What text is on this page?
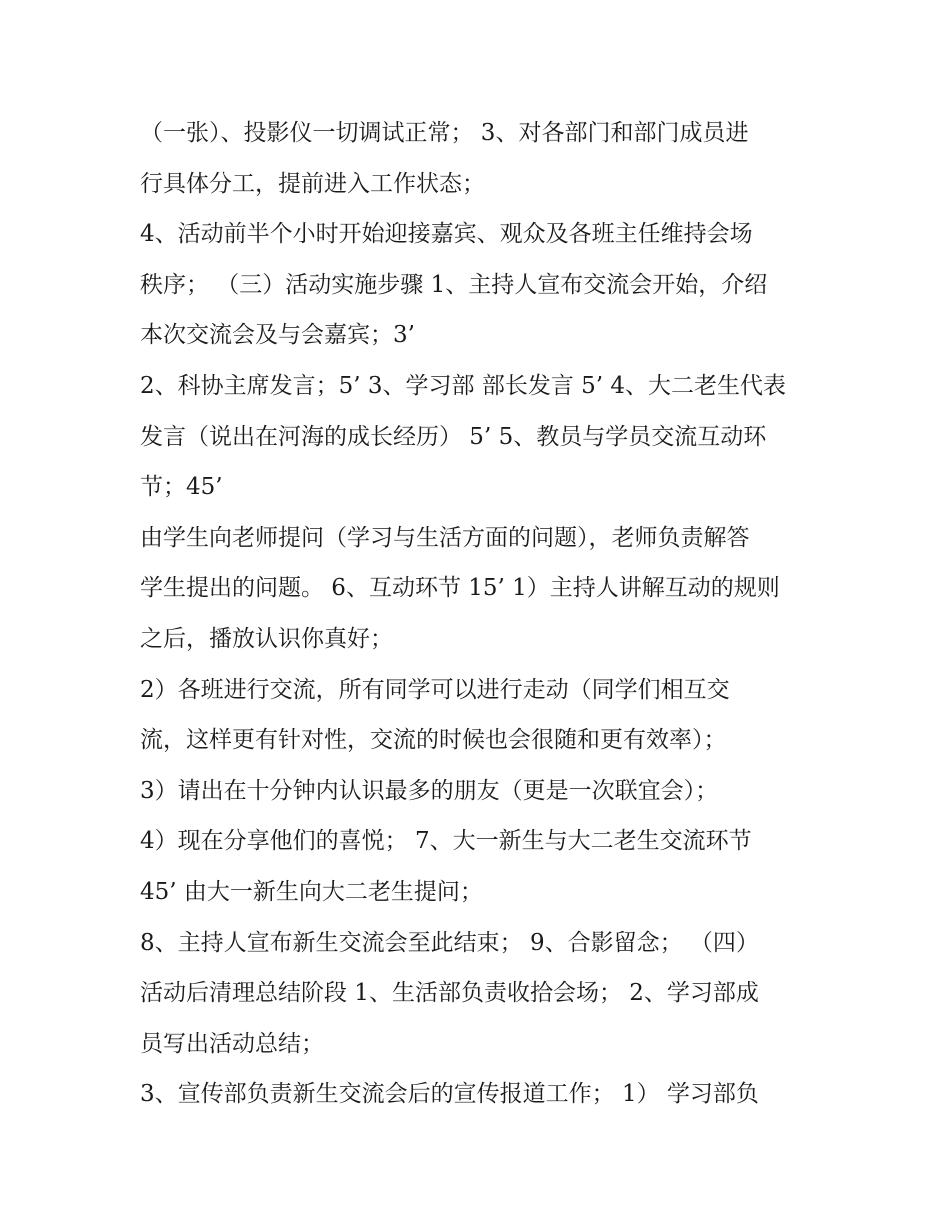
（一张）、投影仪一切调试正常； 3、对各部门和部门成员进
行具体分工，提前进入工作状态；
4、活动前半个小时开始迎接嘉宾、观众及各班主任维持会场
秩序； （三）活动实施步骤 1、主持人宣布交流会开始，介绍
本次交流会及与会嘉宾；3’
2、科协主席发言；5’ 3、学习部 部长发言 5’ 4、大二老生代表
发言（说出在河海的成长经历） 5’ 5、教员与学员交流互动环
节；45’
由学生向老师提问（学习与生活方面的问题），老师负责解答
学生提出的问题。 6、互动环节 15’ 1）主持人讲解互动的规则
之后，播放认识你真好；
2）各班进行交流，所有同学可以进行走动（同学们相互交
流，这样更有针对性，交流的时候也会很随和更有效率）；
3）请出在十分钟内认识最多的朋友（更是一次联宜会）；
4）现在分享他们的喜悦； 7、大一新生与大二老生交流环节
45’ 由大一新生向大二老生提问；
8、主持人宣布新生交流会至此结束； 9、合影留念； （四）
活动后清理总结阶段 1、生活部负责收拾会场； 2、学习部成
员写出活动总结；
3、宣传部负责新生交流会后的宣传报道工作； 1） 学习部负
